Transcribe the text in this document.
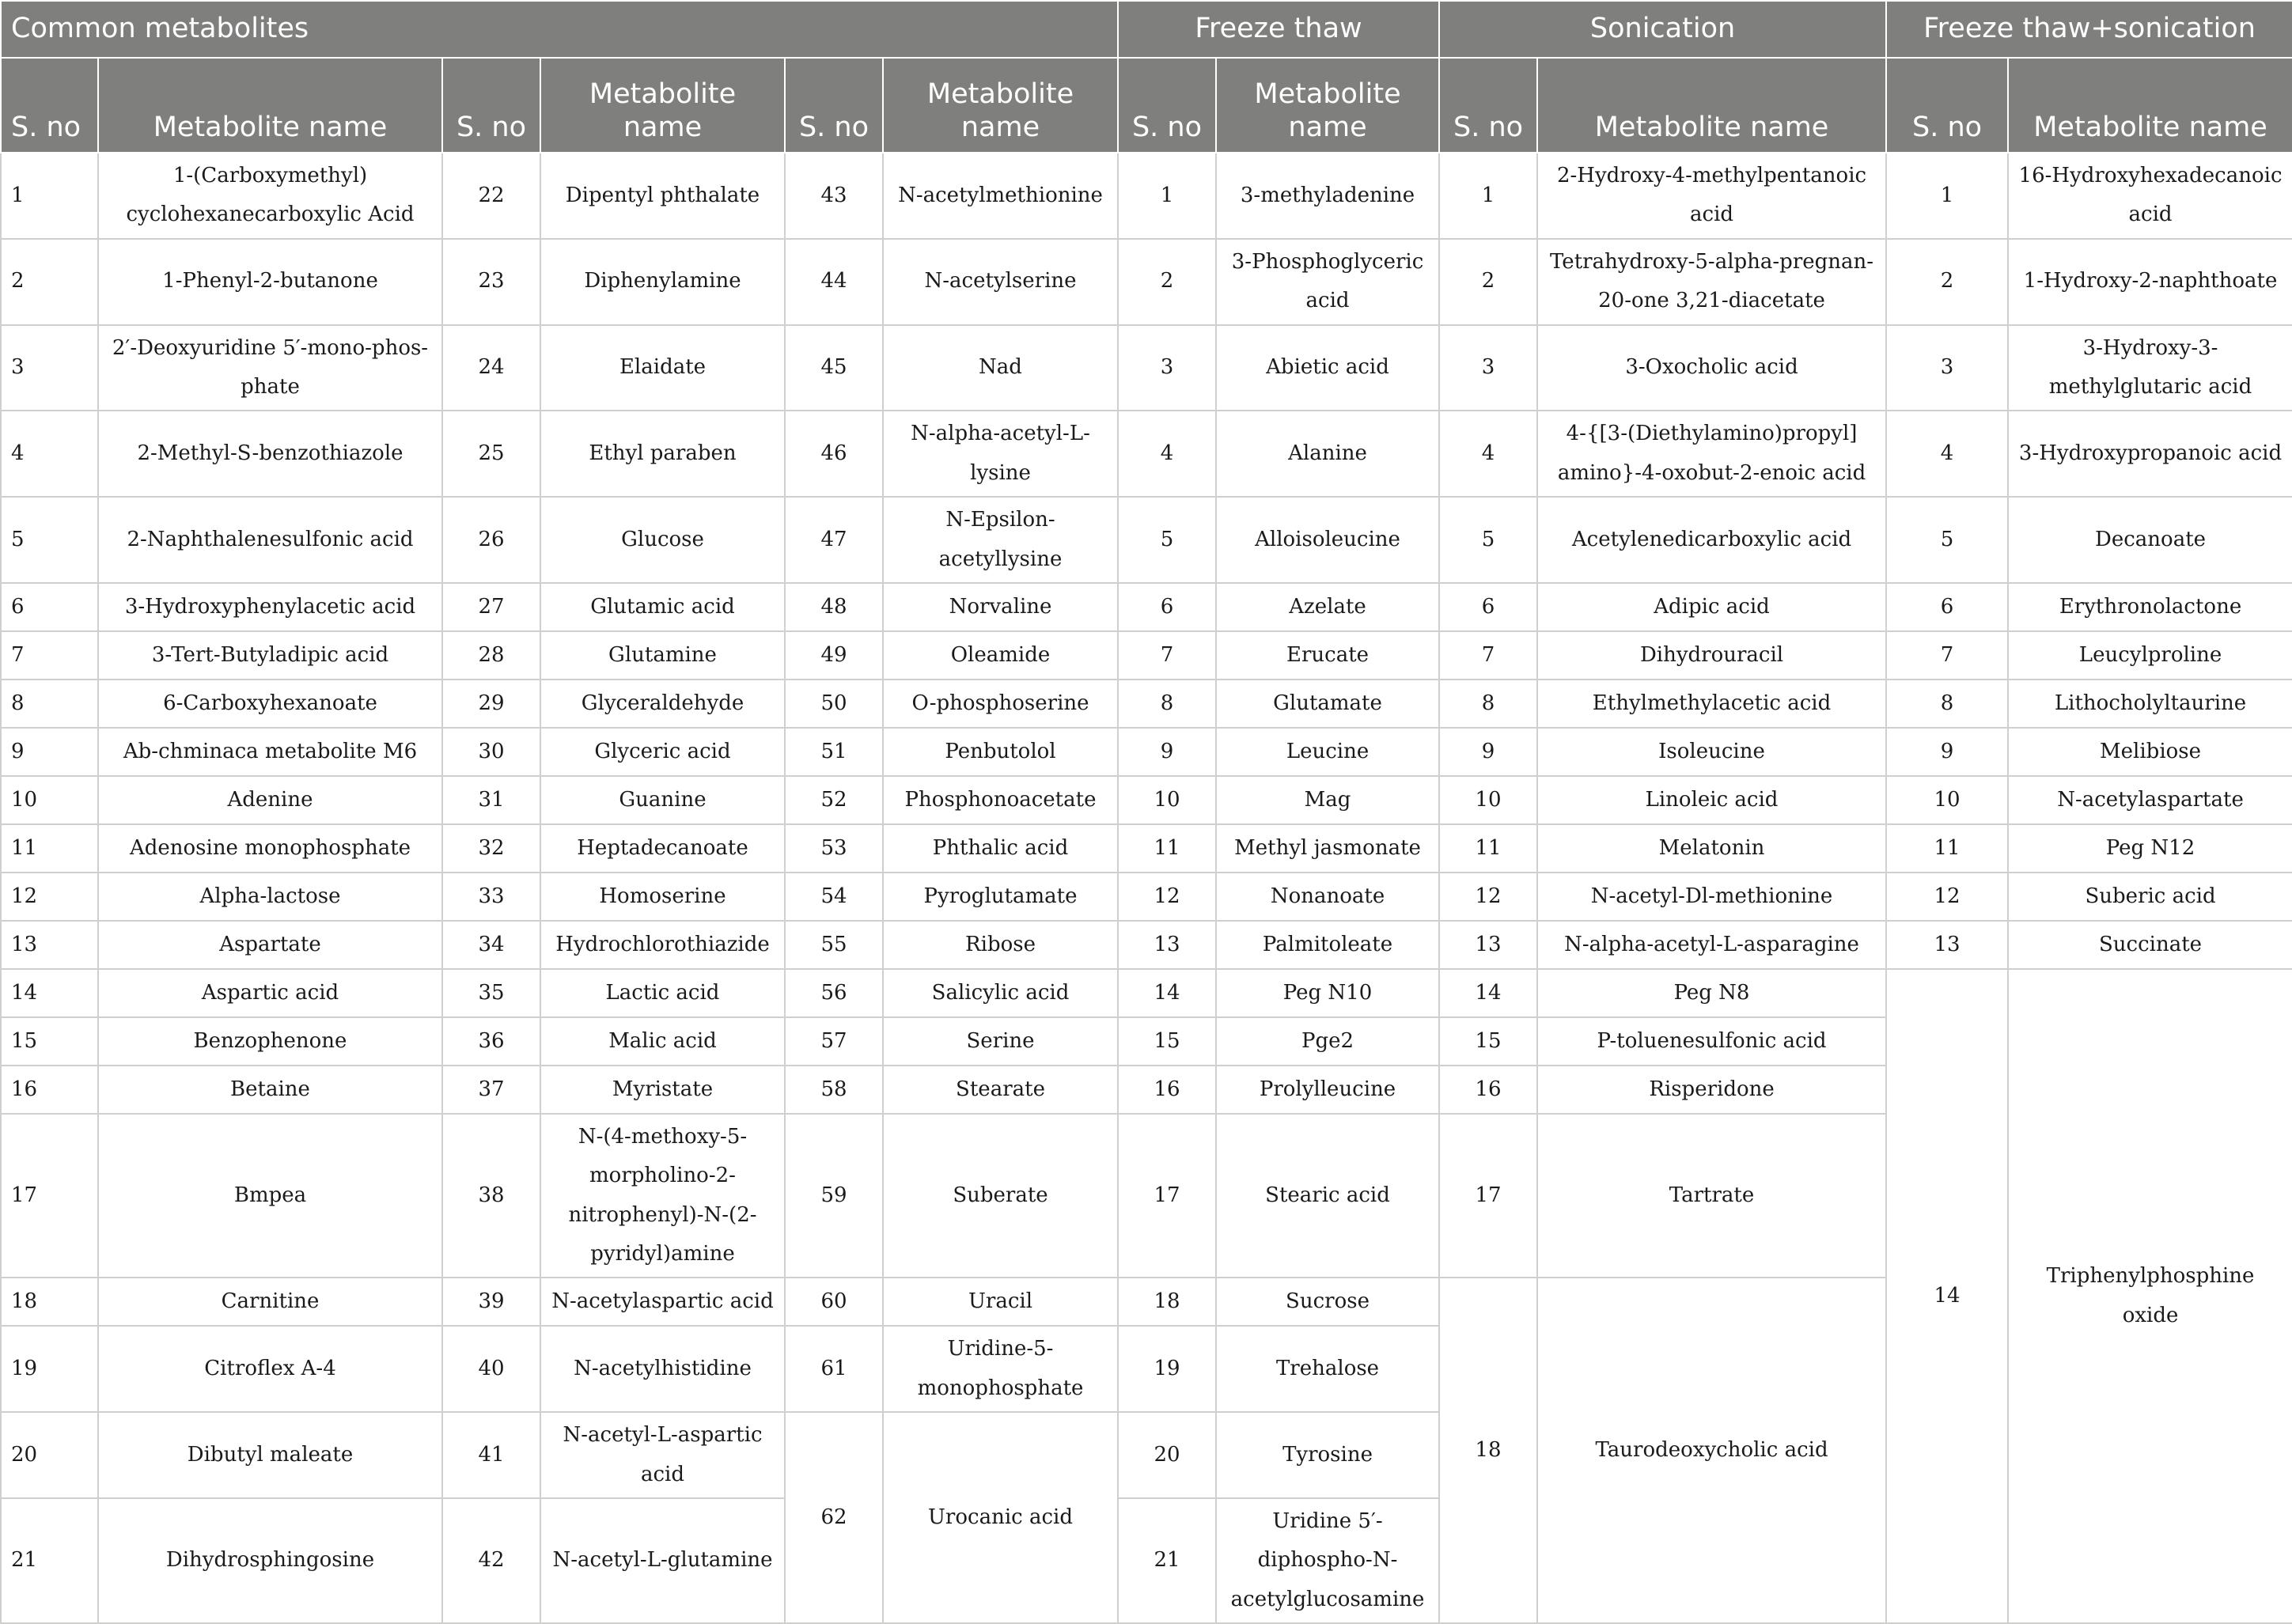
Common metabolites						Freeze thaw		Sonication		Freeze thaw+sonication	
S. no	Metabolite name	S. no	Metabolite name	S. no	Metabolite name	S. no	Metabolite name	S. no	Metabolite name	S. no	Metabolite name
1	1-(Carboxymethyl) cyclohexanecarboxylic Acid	22	Dipentyl phthalate	43	N-acetylmethionine	1	3-methyladenine	1	2-Hydroxy-4-methylpentanoic acid	1	16-Hydroxyhexadecanoic acid
2	1-Phenyl-2-butanone	23	Diphenylamine	44	N-acetylserine	2	3-Phosphoglyceric acid	2	Tetrahydroxy-5-alpha-pregnan-20-one 3,21-diacetate	2	1-Hydroxy-2-naphthoate
3	2′-Deoxyuridine 5′-mono-phos-phate	24	Elaidate	45	Nad	3	Abietic acid	3	3-Oxocholic acid	3	3-Hydroxy-3-methylglutaric acid
4	2-Methyl-S-benzothiazole	25	Ethyl paraben	46	N-alpha-acetyl-L-lysine	4	Alanine	4	4-{[3-(Diethylamino)propyl] amino}-4-oxobut-2-enoic acid	4	3-Hydroxypropanoic acid
5	2-Naphthalenesulfonic acid	26	Glucose	47	N-Epsilon-acetyllysine	5	Alloisoleucine	5	Acetylenedicarboxylic acid	5	Decanoate
6	3-Hydroxyphenylacetic acid	27	Glutamic acid	48	Norvaline	6	Azelate	6	Adipic acid	6	Erythronolactone
7	3-Tert-Butyladipic acid	28	Glutamine	49	Oleamide	7	Erucate	7	Dihydrouracil	7	Leucylproline
8	6-Carboxyhexanoate	29	Glyceraldehyde	50	O-phosphoserine	8	Glutamate	8	Ethylmethylacetic acid	8	Lithocholyltaurine
9	Ab-chminaca metabolite M6	30	Glyceric acid	51	Penbutolol	9	Leucine	9	Isoleucine	9	Melibiose
10	Adenine	31	Guanine	52	Phosphonoacetate	10	Mag	10	Linoleic acid	10	N-acetylaspartate
11	Adenosine monophosphate	32	Heptadecanoate	53	Phthalic acid	11	Methyl jasmonate	11	Melatonin	11	Peg N12
12	Alpha-lactose	33	Homoserine	54	Pyroglutamate	12	Nonanoate	12	N-acetyl-Dl-methionine	12	Suberic acid
13	Aspartate	34	Hydrochlorothiazide	55	Ribose	13	Palmitoleate	13	N-alpha-acetyl-L-asparagine	13	Succinate
14	Aspartic acid	35	Lactic acid	56	Salicylic acid	14	Peg N10	14	Peg N8	14	Triphenylphosphine oxide
15	Benzophenone	36	Malic acid	57	Serine	15	Pge2	15	P-toluenesulfonic acid		
16	Betaine	37	Myristate	58	Stearate	16	Prolylleucine	16	Risperidone		
17	Bmpea	38	N-(4-methoxy-5-morpholino-2-nitrophenyl)-N-(2-pyridyl)amine	59	Suberate	17	Stearic acid	17	Tartrate		
18	Carnitine	39	N-acetylaspartic acid	60	Uracil	18	Sucrose	18	Taurodeoxycholic acid		
19	Citroflex A-4	40	N-acetylhistidine	61	Uridine-5-monophosphate	19	Trehalose				
20	Dibutyl maleate	41	N-acetyl-L-aspartic acid	62	Urocanic acid	20	Tyrosine				
21	Dihydrosphingosine	42	N-acetyl-L-glutamine			21	Uridine 5′-diphospho-N-acetylglucosamine				
